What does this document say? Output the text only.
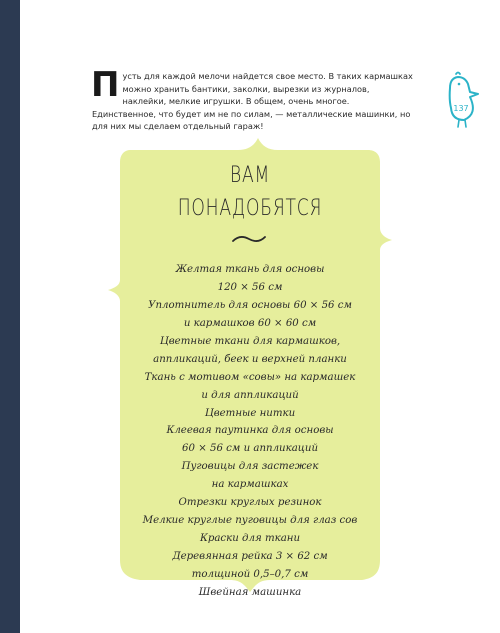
Пусть для каждой мелочи найдется свое место. В таких кармашках можно хранить бантики, заколки, вырезки из журналов, наклейки, мелкие игрушки. В общем, очень многое. Единственное, что будет им не по силам, — металлические машинки, но для них мы сделаем отдельный гараж!
137
ВАМ
ПОНАДОБЯТСЯ
Желтая ткань для основы
120 × 56 см
Уплотнитель для основы 60 × 56 см
и кармашков 60 × 60 см
Цветные ткани для кармашков,
аппликаций, беек и верхней планки
Ткань с мотивом «совы» на кармашек
и для аппликаций
Цветные нитки
Клеевая паутинка для основы
60 × 56 см и аппликаций
Пуговицы для застежек
на кармашках
Отрезки круглых резинок
Мелкие круглые пуговицы для глаз сов
Краски для ткани
Деревянная рейка 3 × 62 см
толщиной 0,5–0,7 см
Швейная машинка
